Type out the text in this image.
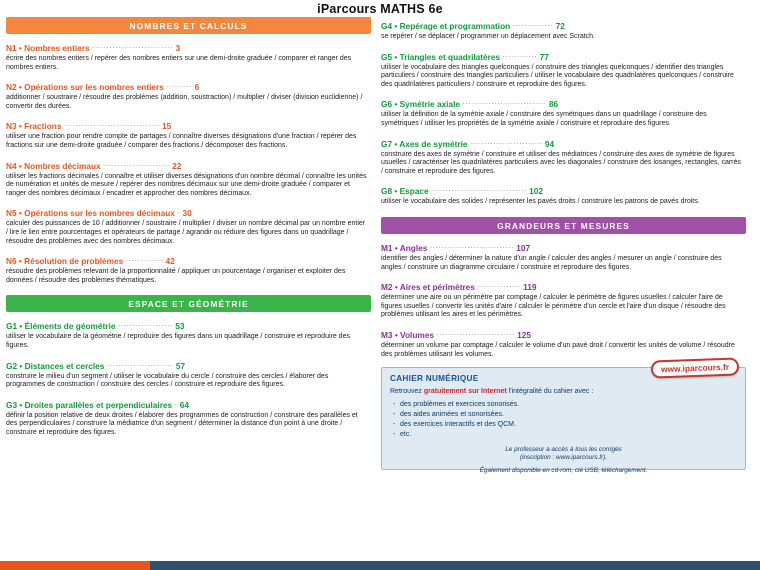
iParcours MATHS 6e
NOMBRES ET CALCULS
N1 • Nombres entiers ............................ 3
écrire des nombres entiers / repérer des nombres entiers sur une demi-droite graduée / comparer et ranger des nombres entiers.
N2 • Opérations sur les nombres entiers ......... 6
additionner / soustraire / résoudre des problèmes (addition, soustraction) / multiplier / diviser (division euclidienne) / convertir des durées.
N3 • Fractions ................................. 15
utiliser une fraction pour rendre compte de partages / connaître diverses désignations d'une fraction / repérer des fractions sur une demi-droite graduée / comparer des fractions / décomposer des fractions.
N4 • Nombres décimaux ....................... 22
utiliser les fractions décimales / connaître et utiliser diverses désignations d'un nombre décimal / connaître les unités de numération et unités de mesure / repérer des nombres décimaux sur une demi-droite graduée / comparer et ranger des nombres décimaux / encadrer et approcher des nombres décimaux.
N5 • Opérations sur les nombres décimaux . 30
calculer des puissances de 10 / additionner / soustraire / multiplier / diviser un nombre décimal par un nombre entier / lire le lien entre pourcentages et opérateurs de partage / agrandir ou réduire des figures dans un quadrillage / résoudre des problèmes avec des nombres décimaux.
N6 • Résolution de problèmes ............. 42
résoudre des problèmes relevant de la proportionnalité / appliquer un pourcentage / organiser et exploiter des données / résoudre des problèmes thématiques.
ESPACE ET GÉOMÉTRIE
G1 • Éléments de géométrie ................... 53
utiliser le vocabulaire de la géométrie / reproduire des figures dans un quadrillage / construire et reproduire des figures.
G2 • Distances et cercles ....................... 57
construire le milieu d'un segment / utiliser le vocabulaire du cercle / construire des cercles / élaborer des programmes de construction / construire des cercles / construire et reproduire des figures.
G3 • Droites parallèles et perpendiculaires . 64
définir la position relative de deux droites / élaborer des programmes de construction / construire des parallèles et des perpendiculaires / construire la médiatrice d'un segment / déterminer la distance d'un point à une droite / construire et reproduire des figures.
G4 • Repérage et programmation .............. 72
se repérer / se déplacer / programmer un déplacement avec Scratch.
G5 • Triangles et quadrilatères ............ 77
utiliser le vocabulaire des triangles quelconques / construire des triangles quelconques / identifier des triangles particuliers / construire des triangles particuliers / utiliser le vocabulaire des quadrilatères quelconques / construire des quadrilatères particuliers / construire et reproduire des figures.
G6 • Symétrie axiale ............................. 86
utiliser la définition de la symétrie axiale / construire des symétriques dans un quadrillage / construire des symétriques / utiliser les propriétés de la symétrie axiale / construire et reproduire des figures.
G7 • Axes de symétrie ......................... 94
construire des axes de symétrie / construire et utiliser des médiatrices / construire des axes de symétrie de figures usuelles / caractériser les quadrilatères particuliers avec les diagonales / construire des losanges, rectangles, carrés / construire et reproduire des figures.
G8 • Espace ................................. 102
utiliser le vocabulaire des solides / représenter les pavés droits / construire les patrons de pavés droits.
GRANDEURS ET MESURES
M1 • Angles ............................. 107
identifier des angles / déterminer la nature d'un angle / calculer des angles / mesurer un angle / construire des angles / construire un diagramme circulaire / construire et reproduire des figures.
M2 • Aires et périmètres ............... 119
déterminer une aire ou un périmètre par comptage / calculer le périmètre de figures usuelles / calculer l'aire de figures usuelles / convertir les unités d'aire / calculer le périmètre d'un cercle et l'aire d'un disque / résoudre des problèmes utilisant les aires et les périmètres.
M3 • Volumes ........................... 125
déterminer un volume par comptage / calculer le volume d'un pavé droit / convertir les unités de volume / résoudre des problèmes utilisant les volumes.
www.iparcours.fr
CAHIER NUMÉRIQUE
Retrouvez gratuitement sur Internet l'intégralité du cahier avec :
- des problèmes et exercices sonorisés.
- des aides animées et sonorisées.
- des exercices interactifs et des QCM.
- etc.
Le professeur a accès à tous les corrigés
(inscription : www.iparcours.fr).
Également disponible en cd-rom, clé USB, téléchargement.
